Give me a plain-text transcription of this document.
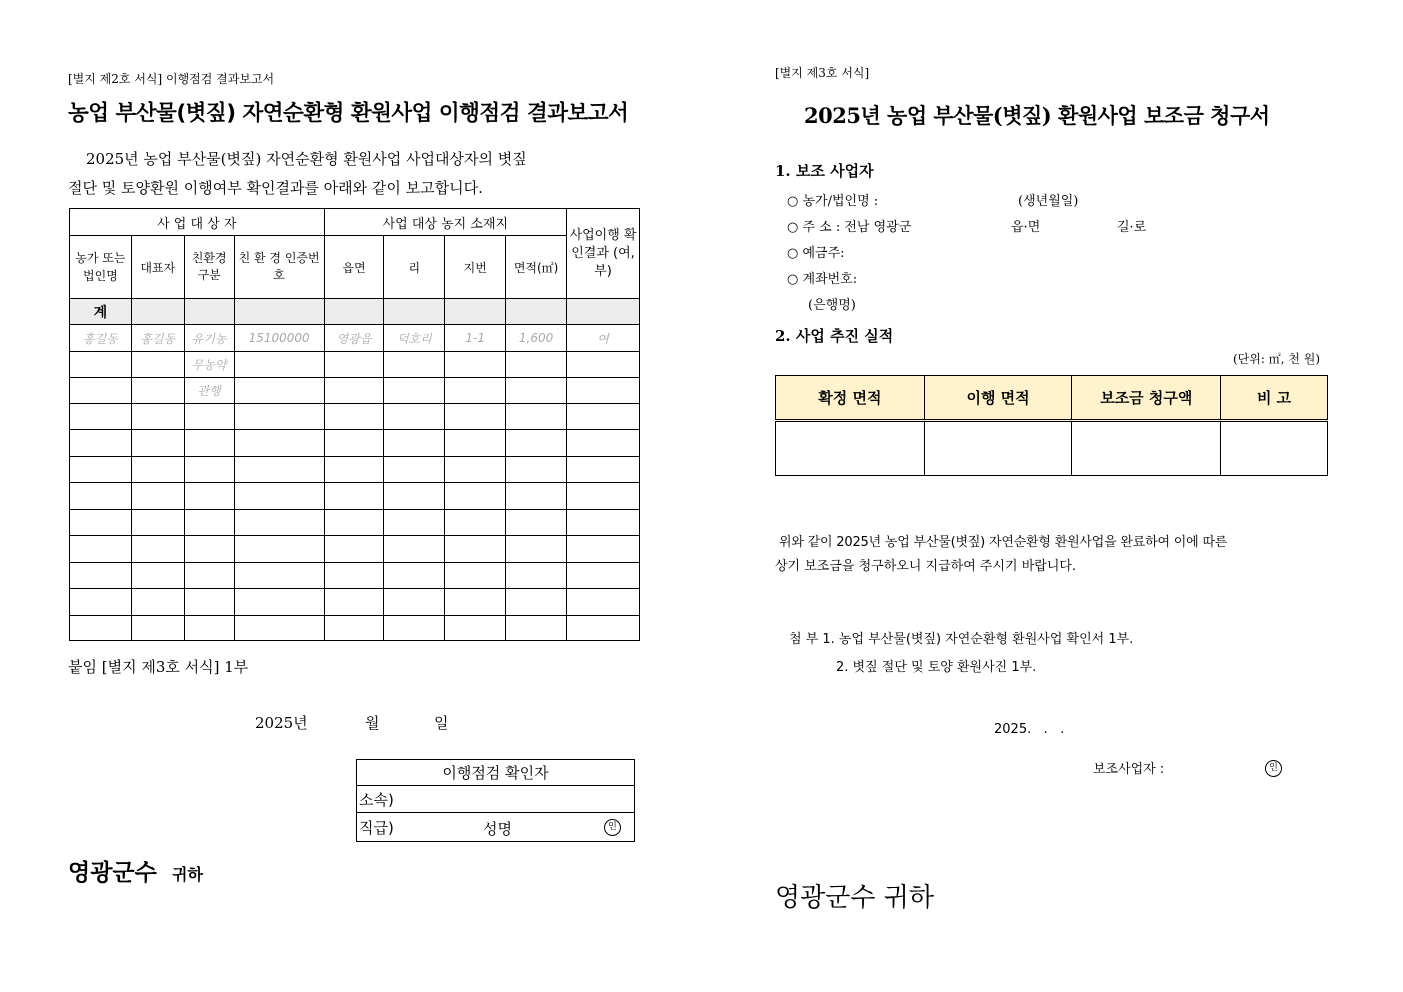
[별지 제2호 서식] 이행점검 결과보고서
농업 부산물(볏짚) 자연순환형 환원사업 이행점검 결과보고서
2025년 농업 부산물(볏짚) 자연순환형 환원사업 사업대상자의 볏짚
절단 및 토양환원 이행여부 확인결과를 아래와 같이 보고합니다.
사 업 대 상 자				사업 대상 농지 소재지				사업이행 확인결과 (여,부)
농가 또는 법인명	대표자	친환경 구분	친 환 경 인증번호	읍면	리	지번	면적(㎡)	
계								
홍길동	홍길동	유기농	15100000	영광읍	덕호리	1-1	1,600	여
		무농약						
		관행						

붙임 [별지 제3호 서식] 1부
2025년	월	일
이행점검 확인자
소속)
직급)	성명	인
영광군수 귀하
[별지 제3호 서식]
2025년 농업 부산물(볏짚) 환원사업 보조금 청구서
1. 보조 사업자
○ 농가/법인명 :	(생년월일)
○ 주 소 : 전남 영광군	읍·면	길·로
○ 예금주:
○ 계좌번호:
(은행명)
2. 사업 추진 실적
(단위: ㎡, 천 원)
확정 면적	이행 면적	보조금 청구액	비 고

위와 같이 2025년 농업 부산물(볏짚) 자연순환형 환원사업을 완료하여 이에 따른
상기 보조금을 청구하오니 지급하여 주시기 바랍니다.
첨 부 1. 농업 부산물(볏짚) 자연순환형 환원사업 확인서 1부.
2. 볏짚 절단 및 토양 환원사진 1부.
2025.   .   .
보조사업자 :	인
영광군수 귀하
